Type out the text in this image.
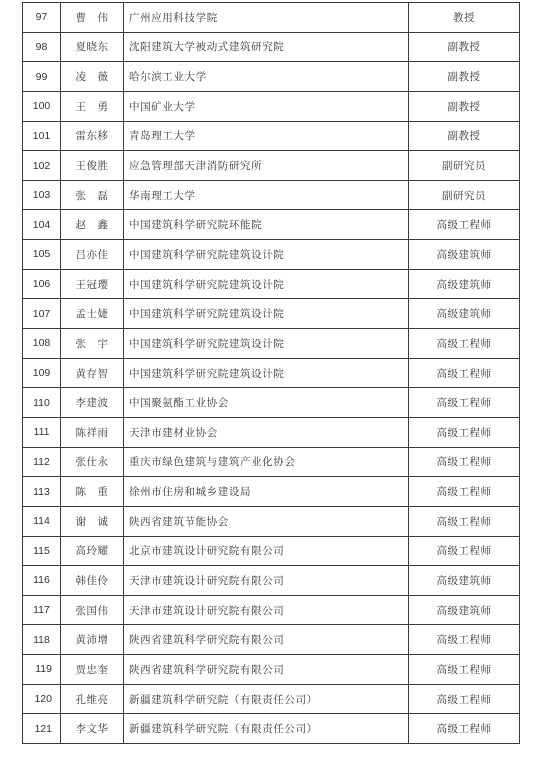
97	曹　伟	广州应用科技学院	教授
98	夏晓东	沈阳建筑大学被动式建筑研究院	副教授
99	凌　薇	哈尔滨工业大学	副教授
100	王　勇	中国矿业大学	副教授
101	雷东移	青岛理工大学	副教授
102	王俊胜	应急管理部天津消防研究所	副研究员
103	张　磊	华南理工大学	副研究员
104	赵　鑫	中国建筑科学研究院环能院	高级工程师
105	吕亦佳	中国建筑科学研究院建筑设计院	高级建筑师
106	王冠璎	中国建筑科学研究院建筑设计院	高级建筑师
107	孟士婕	中国建筑科学研究院建筑设计院	高级建筑师
108	张　宇	中国建筑科学研究院建筑设计院	高级工程师
109	黄存智	中国建筑科学研究院建筑设计院	高级工程师
110	李建波	中国聚氨酯工业协会	高级工程师
111	陈祥雨	天津市建材业协会	高级工程师
112	张仕永	重庆市绿色建筑与建筑产业化协会	高级工程师
113	陈　重	徐州市住房和城乡建设局	高级工程师
114	谢　诚	陕西省建筑节能协会	高级工程师
115	高玲耀	北京市建筑设计研究院有限公司	高级工程师
116	韩佳伶	天津市建筑设计研究院有限公司	高级建筑师
117	张国伟	天津市建筑设计研究院有限公司	高级建筑师
118	黄沛增	陕西省建筑科学研究院有限公司	高级工程师
119	贾忠奎	陕西省建筑科学研究院有限公司	高级工程师
120	孔维亮	新疆建筑科学研究院（有限责任公司）	高级工程师
121	李文华	新疆建筑科学研究院（有限责任公司）	高级工程师
